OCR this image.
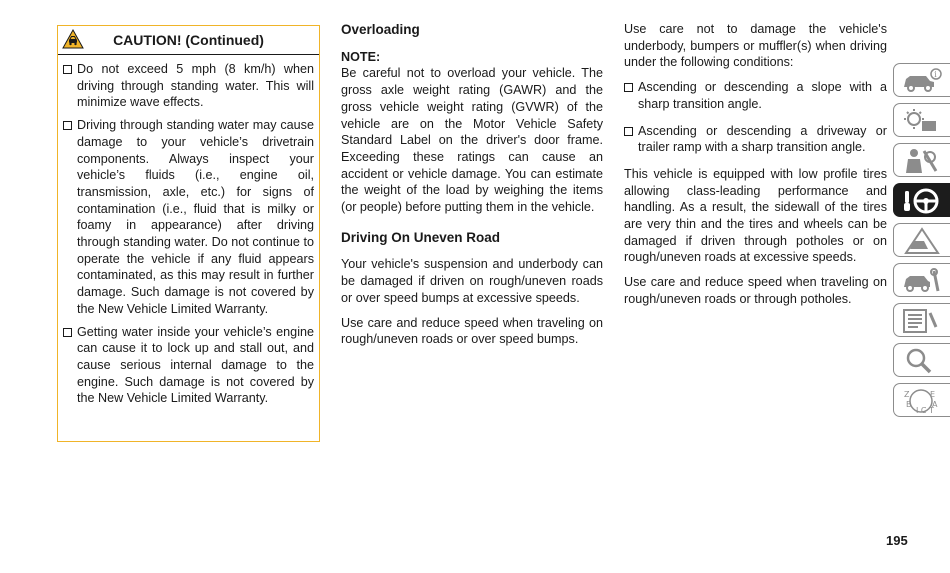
CAUTION! (Continued)
Do not exceed 5 mph (8 km/h) when driving through standing water. This will minimize wave effects.
Driving through standing water may cause damage to your vehicle’s drivetrain components. Always inspect your vehicle’s fluids (i.e., engine oil, transmission, axle, etc.) for signs of contamination (i.e., fluid that is milky or foamy in appearance) after driving through standing water. Do not continue to operate the vehicle if any fluid appears contaminated, as this may result in further damage. Such damage is not covered by the New Vehicle Limited Warranty.
Getting water inside your vehicle’s engine can cause it to lock up and stall out, and cause serious internal damage to the engine. Such damage is not covered by the New Vehicle Limited Warranty.
Overloading
NOTE:

Be careful not to overload your vehicle. The gross axle weight rating (GAWR) and the gross vehicle weight rating (GVWR) of the vehicle are on the Motor Vehicle Safety Standard Label on the driver's door frame. Exceeding these ratings can cause an accident or vehicle damage. You can estimate the weight of the load by weighing the items (or people) before putting them in the vehicle.

Driving On Uneven Road

Your vehicle's suspension and underbody can be damaged if driven on rough/uneven roads or over speed bumps at excessive speeds.

Use care and reduce speed when traveling on rough/uneven roads or over speed bumps.

Use care not to damage the vehicle's underbody, bumpers or muffler(s) when driving under the following conditions:

Ascending or descending a slope with a sharp transition angle.
Ascending or descending a driveway or trailer ramp with a sharp transition angle.

This vehicle is equipped with low profile tires allowing class-leading performance and handling. As a result, the sidewall of the tires are very thin and the tires and wheels can be damaged if driven through potholes or on rough/uneven roads at excessive speeds.

Use care and reduce speed when traveling on rough/uneven roads or through potholes.

i
Z	E
B	A
I C T
195
